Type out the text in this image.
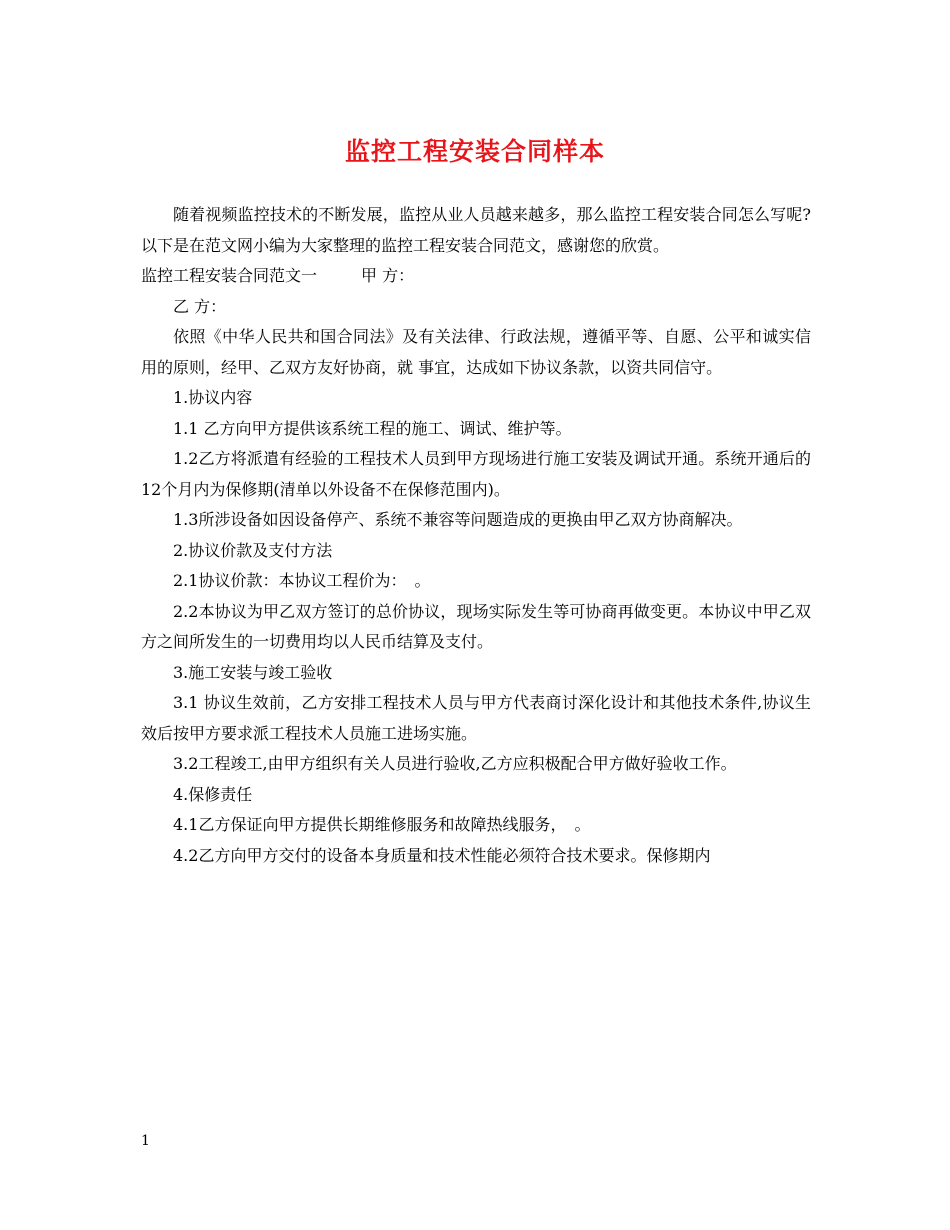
监控工程安装合同样本

随着视频监控技术的不断发展，监控从业人员越来越多，那么监控工程安装合同怎么写呢?以下是在范文网小编为大家整理的监控工程安装合同范文，感谢您的欣赏。

监控工程安装合同范文一	甲 方：

乙 方：

依照《中华人民共和国合同法》及有关法律、行政法规，遵循平等、自愿、公平和诚实信用的原则，经甲、乙双方友好协商，就 事宜，达成如下协议条款，以资共同信守。

1.协议内容

1.1 乙方向甲方提供该系统工程的施工、调试、维护等。

1.2乙方将派遣有经验的工程技术人员到甲方现场进行施工安装及调试开通。系统开通后的12个月内为保修期(清单以外设备不在保修范围内)。

1.3所涉设备如因设备停产、系统不兼容等问题造成的更换由甲乙双方协商解决。

2.协议价款及支付方法

2.1协议价款：本协议工程价为：　。

2.2本协议为甲乙双方签订的总价协议，现场实际发生等可协商再做变更。本协议中甲乙双方之间所发生的一切费用均以人民币结算及支付。

3.施工安装与竣工验收

3.1 协议生效前，乙方安排工程技术人员与甲方代表商讨深化设计和其他技术条件,协议生效后按甲方要求派工程技术人员施工进场实施。

3.2工程竣工,由甲方组织有关人员进行验收,乙方应积极配合甲方做好验收工作。

4.保修责任

4.1乙方保证向甲方提供长期维修服务和故障热线服务，　。

4.2乙方向甲方交付的设备本身质量和技术性能必须符合技术要求。保修期内

1
